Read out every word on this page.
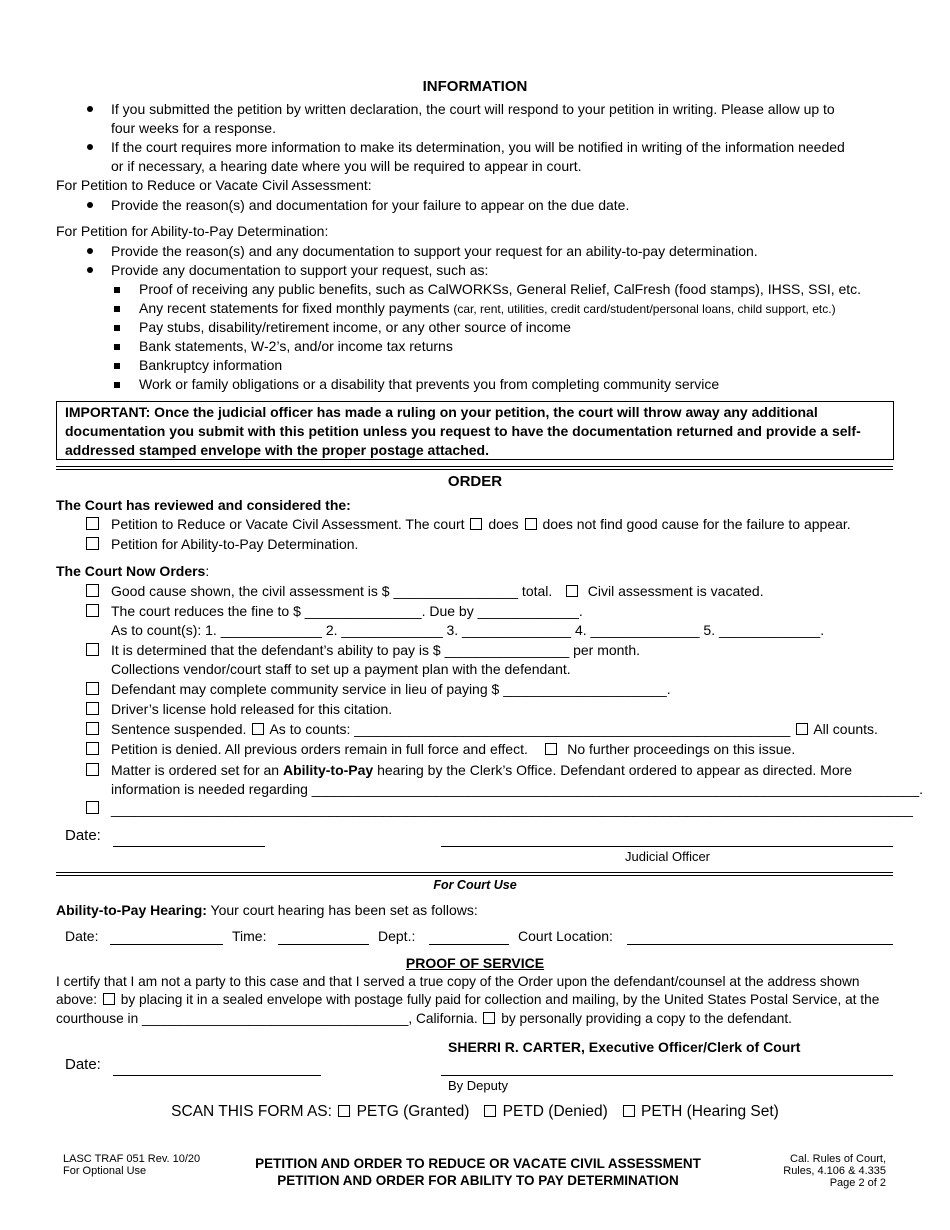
INFORMATION
If you submitted the petition by written declaration, the court will respond to your petition in writing. Please allow up to
four weeks for a response.
If the court requires more information to make its determination, you will be notified in writing of the information needed
or if necessary, a hearing date where you will be required to appear in court.
For Petition to Reduce or Vacate Civil Assessment:
Provide the reason(s) and documentation for your failure to appear on the due date.
For Petition for Ability-to-Pay Determination:
Provide the reason(s) and any documentation to support your request for an ability-to-pay determination.
Provide any documentation to support your request, such as:
Proof of receiving any public benefits, such as CalWORKSs, General Relief, CalFresh (food stamps), IHSS, SSI, etc.
Any recent statements for fixed monthly payments (car, rent, utilities, credit card/student/personal loans, child support, etc.)
Pay stubs, disability/retirement income, or any other source of income
Bank statements, W-2’s, and/or income tax returns
Bankruptcy information
Work or family obligations or a disability that prevents you from completing community service
IMPORTANT: Once the judicial officer has made a ruling on your petition, the court will throw away any additional
documentation you submit with this petition unless you request to have the documentation returned and provide a self-
addressed stamped envelope with the proper postage attached.
ORDER
The Court has reviewed and considered the:
Petition to Reduce or Vacate Civil Assessment. The court does does not find good cause for the failure to appear.
Petition for Ability-to-Pay Determination.
The Court Now Orders:
Good cause shown, the civil assessment is $ ________________ total.	Civil assessment is vacated.
The court reduces the fine to $ _______________. Due by _____________.
As to count(s): 1. _____________ 2. _____________ 3. ______________ 4. ______________ 5. _____________.
It is determined that the defendant’s ability to pay is $ ________________ per month.
Collections vendor/court staff to set up a payment plan with the defendant.
Defendant may complete community service in lieu of paying $ _____________________.
Driver’s license hold released for this citation.
Sentence suspended. As to counts: ________________________________________________________ All counts.
Petition is denied. All previous orders remain in full force and effect.	No further proceedings on this issue.
Matter is ordered set for an Ability-to-Pay hearing by the Clerk’s Office. Defendant ordered to appear as directed. More
information is needed regarding ______________________________________________________________________________.
_______________________________________________________________________________________________________
Date:
Judicial Officer
For Court Use
Ability-to-Pay Hearing: Your court hearing has been set as follows:
Date:	Time:	Dept.:	Court Location:
PROOF OF SERVICE
I certify that I am not a party to this case and that I served a true copy of the Order upon the defendant/counsel at the address shown
above: by placing it in a sealed envelope with postage fully paid for collection and mailing, by the United States Postal Service, at the
courthouse in ___________________________________, California. by personally providing a copy to the defendant.
SHERRI R. CARTER, Executive Officer/Clerk of Court
Date:
By Deputy
SCAN THIS FORM AS: PETG (Granted) PETD (Denied) PETH (Hearing Set)
LASC TRAF 051 Rev. 10/20
For Optional Use	PETITION AND ORDER TO REDUCE OR VACATE CIVIL ASSESSMENT
PETITION AND ORDER FOR ABILITY TO PAY DETERMINATION
Cal. Rules of Court,
Rules, 4.106 & 4.335
Page 2 of 2
